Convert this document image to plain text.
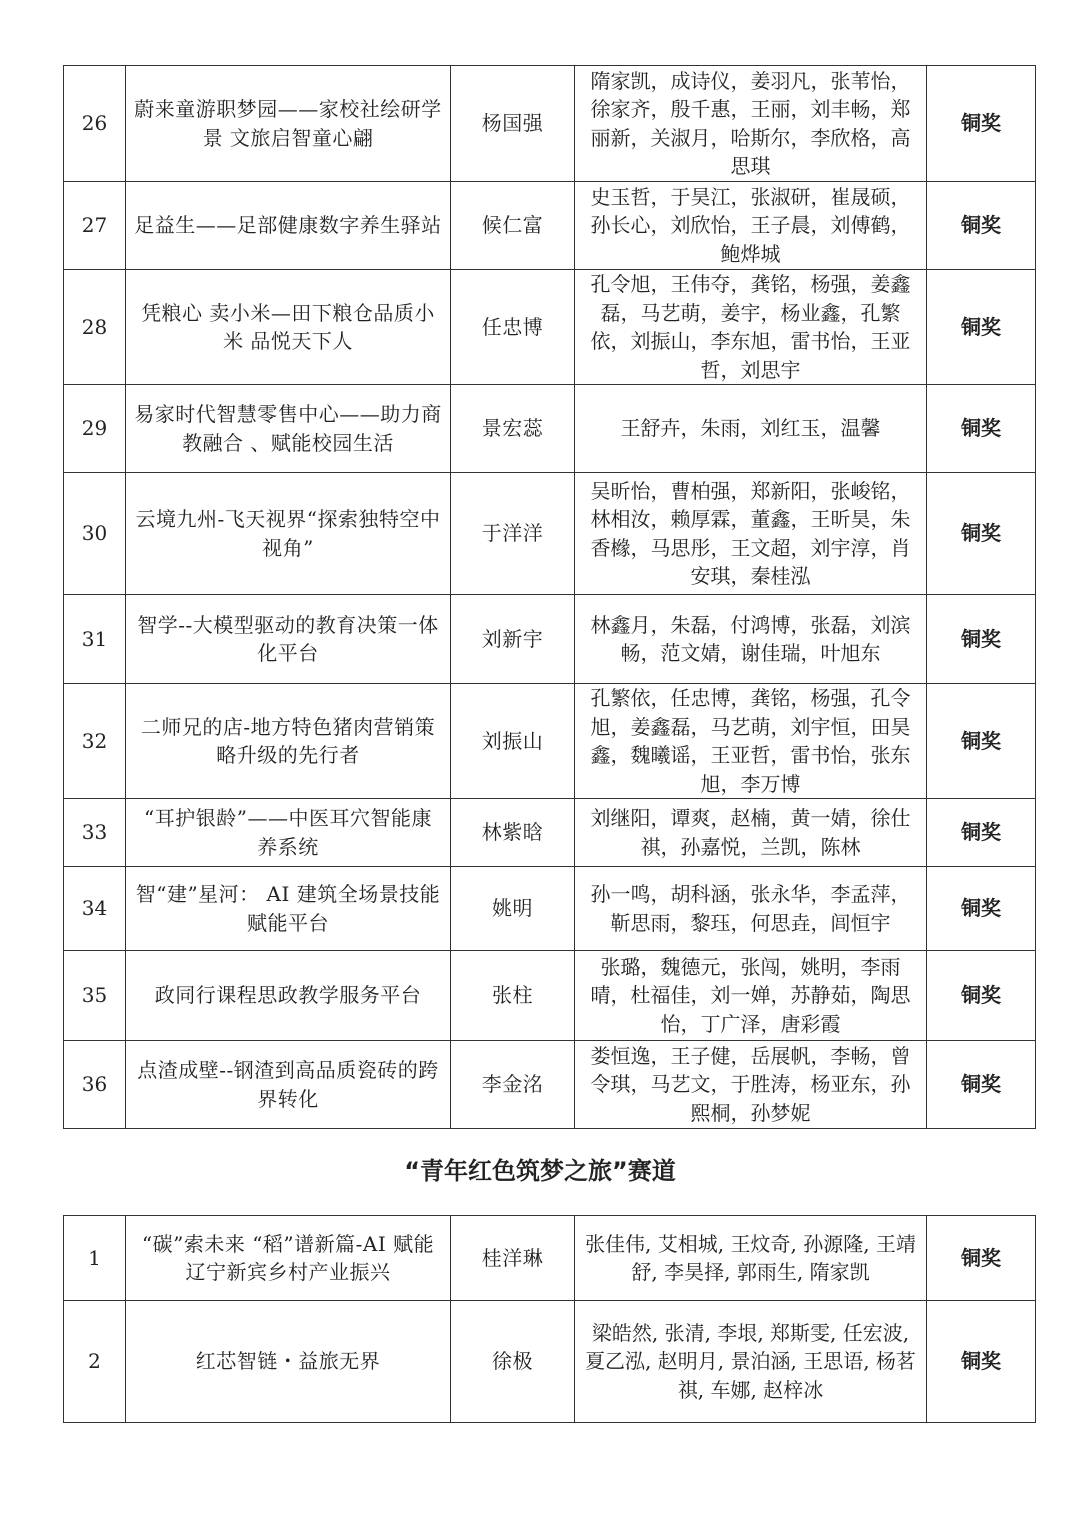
26	蔚来童游职梦园——家校社绘研学景 文旅启智童心翩	杨国强	隋家凯，成诗仪，姜羽凡，张苇怡，徐家齐，殷千惠，王丽，刘丰畅，郑丽新，关淑月，哈斯尔，李欣格，高思琪	铜奖
27	足益生——足部健康数字养生驿站	候仁富	史玉哲，于昊江，张淑研，崔晟硕，孙长心，刘欣怡，王子晨，刘傅鹤，鲍烨城	铜奖
28	凭粮心 卖小米—田下粮仓品质小米 品悦天下人	任忠博	孔令旭，王伟夺，龚铭，杨强，姜鑫磊，马艺萌，姜宇，杨业鑫，孔繁依，刘振山，李东旭，雷书怡，王亚哲，刘思宇	铜奖
29	易家时代智慧零售中心——助力商教融合 、赋能校园生活	景宏蕊	王舒卉，朱雨，刘红玉，温馨	铜奖
30	云境九州-飞天视界“探索独特空中视角”	于洋洋	吴昕怡，曹柏强，郑新阳，张峻铭，林相汝，赖厚霖，董鑫，王昕昊，朱香橼，马思彤，王文超，刘宇淳，肖安琪，秦桂泓	铜奖
31	智学--大模型驱动的教育决策一体化平台	刘新宇	林鑫月，朱磊，付鸿博，张磊，刘滨畅，范文婧，谢佳瑞，叶旭东	铜奖
32	二师兄的店-地方特色猪肉营销策略升级的先行者	刘振山	孔繁依，任忠博，龚铭，杨强，孔令旭，姜鑫磊，马艺萌，刘宇恒，田昊鑫，魏曦谣，王亚哲，雷书怡，张东旭，李万博	铜奖
33	“耳护银龄”——中医耳穴智能康养系统	林紫晗	刘继阳，谭爽，赵楠，黄一婧，徐仕祺，孙嘉悦，兰凯，陈林	铜奖
34	智“建”星河： AI 建筑全场景技能赋能平台	姚明	孙一鸣，胡科涵，张永华，李孟萍，靳思雨，黎珏，何思垚，闾恒宇	铜奖
35	政同行课程思政教学服务平台	张柱	张璐，魏德元，张闯，姚明，李雨晴，杜福佳，刘一婵，苏静茹，陶思怡，丁广泽，唐彩霞	铜奖
36	点渣成壁--钢渣到高品质瓷砖的跨界转化	李金洺	娄恒逸，王子健，岳展帆，李畅，曾令琪，马艺文，于胜涛，杨亚东，孙熙桐，孙梦妮	铜奖
“青年红色筑梦之旅”赛道
1	“碳”索未来 “稻”谱新篇-AI 赋能辽宁新宾乡村产业振兴	桂洋琳	张佳伟, 艾相城, 王炆奇, 孙源隆, 王靖舒, 李昊择, 郭雨生, 隋家凯	铜奖
2	红芯智链・益旅无界	徐极	梁皓然, 张清, 李垠, 郑斯雯, 任宏波, 夏乙泓, 赵明月, 景泊涵, 王思语, 杨茗祺, 车娜, 赵梓冰	铜奖
